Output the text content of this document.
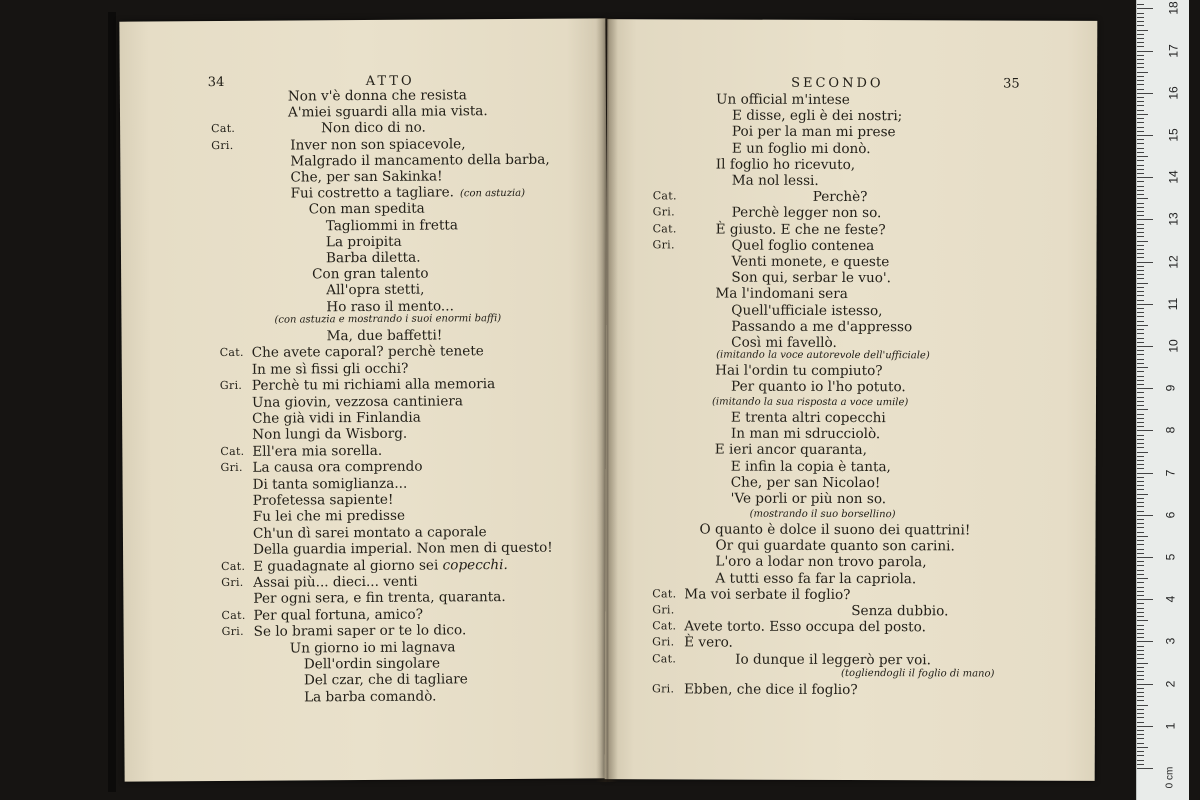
34	ATTO
Non v'è donna che resista
A'miei sguardi alla mia vista.
Cat.	Non dico di no.
Gri.	Inver non son spiacevole,
Malgrado il mancamento della barba,
Che, per san Sakinka!
Fui costretto a tagliare. (con astuzia)
Con man spedita
Tagliommi in fretta
La proipita
Barba diletta.
Con gran talento
All'opra stetti,
Ho raso il mento...
(con astuzia e mostrando i suoi enormi baffi)
Ma, due baffetti!
Cat. Che avete caporal? perchè tenete
In me sì fissi gli occhi?
Gri. Perchè tu mi richiami alla memoria
Una giovin, vezzosa cantiniera
Che già vidi in Finlandia
Non lungi da Wisborg.
Cat. Ell'era mia sorella.
Gri. La causa ora comprendo
Di tanta somiglianza...
Profetessa sapiente!
Fu lei che mi predisse
Ch'un dì sarei montato a caporale
Della guardia imperial. Non men di questo!
Cat. E guadagnate al giorno sei copecchi.
Gri. Assai più... dieci... venti
Per ogni sera, e fin trenta, quaranta.
Cat. Per qual fortuna, amico?
Gri. Se lo brami saper or te lo dico.
Un giorno io mi lagnava
Dell'ordin singolare
Del czar, che di tagliare
La barba comandò.
SECONDO	35
Un official m'intese
E disse, egli è dei nostri;
Poi per la man mi prese
E un foglio mi donò.
Il foglio ho ricevuto,
Ma nol lessi.
Cat.	Perchè?
Gri.	Perchè legger non so.
Cat.	È giusto. E che ne feste?
Gri.	Quel foglio contenea
Venti monete, e queste
Son qui, serbar le vuo'.
Ma l'indomani sera
Quell'ufficiale istesso,
Passando a me d'appresso
Così mi favellò.
(imitando la voce autorevole dell'ufficiale)
Hai l'ordin tu compiuto?
Per quanto io l'ho potuto.
(imitando la sua risposta a voce umile)
E trenta altri copecchi
In man mi sdrucciolò.
E ieri ancor quaranta,
E infin la copia è tanta,
Che, per san Nicolao!
'Ve porli or più non so.
(mostrando il suo borsellino)
O quanto è dolce il suono dei quattrini!
Or qui guardate quanto son carini.
L'oro a lodar non trovo parola,
A tutti esso fa far la capriola.
Cat. Ma voi serbate il foglio?
Gri.	Senza dubbio.
Cat. Avete torto. Esso occupa del posto.
Gri. È vero.
Cat.	Io dunque il leggerò per voi.
(togliendogli il foglio di mano)
Gri. Ebben, che dice il foglio?
0 cm
1
2
3
4
5
6
7
8
9
10
11
12
13
14
15
16
17
18
